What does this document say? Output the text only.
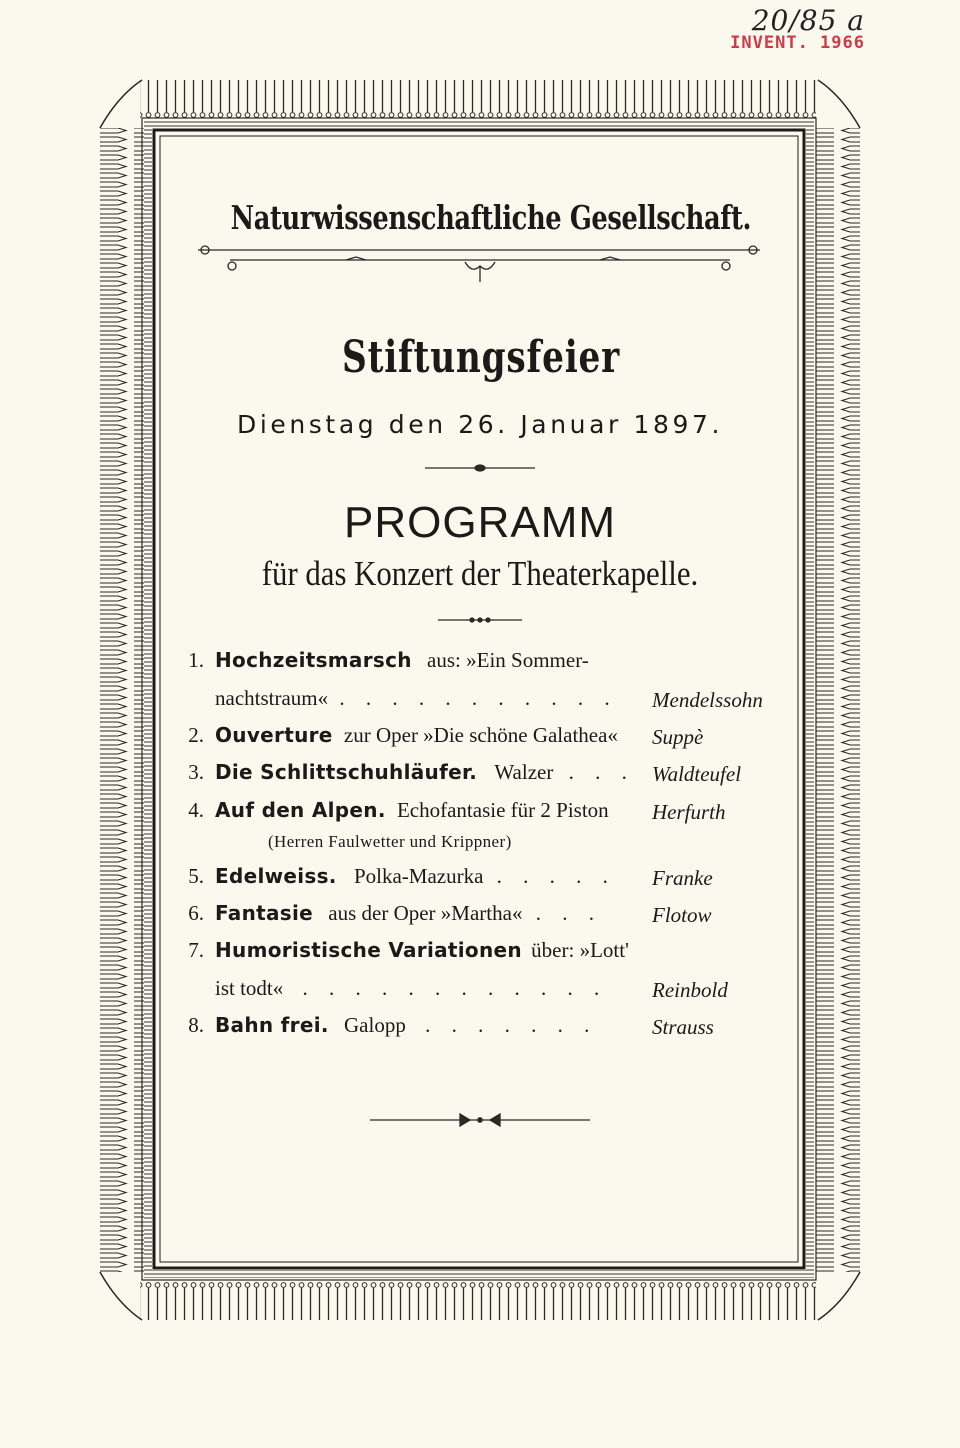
20/85 a
INVENT. 1966
Naturwissenschaftliche Gesellschaft.
Stiftungsfeier
Dienstag den 26. Januar 1897.
PROGRAMM
für das Konzert der Theaterkapelle.
1. Hochzeitsmarsch aus: »Ein Sommer-
nachtstraum« . . . . . . . . . . . Mendelssohn
2. Ouverture zur Oper »Die schöne Galathea« Suppè
3. Die Schlittschuhläufer. Walzer . . . Waldteufel
4. Auf den Alpen. Echofantasie für 2 Piston Herfurth
(Herren Faulwetter und Krippner)
5. Edelweiss. Polka-Mazurka . . . . . Franke
6. Fantasie aus der Oper »Martha« . . . Flotow
7. Humoristische Variationen über: »Lott'
ist todt« . . . . . . . . . . . . Reinbold
8. Bahn frei. Galopp . . . . . . .	Strauss
